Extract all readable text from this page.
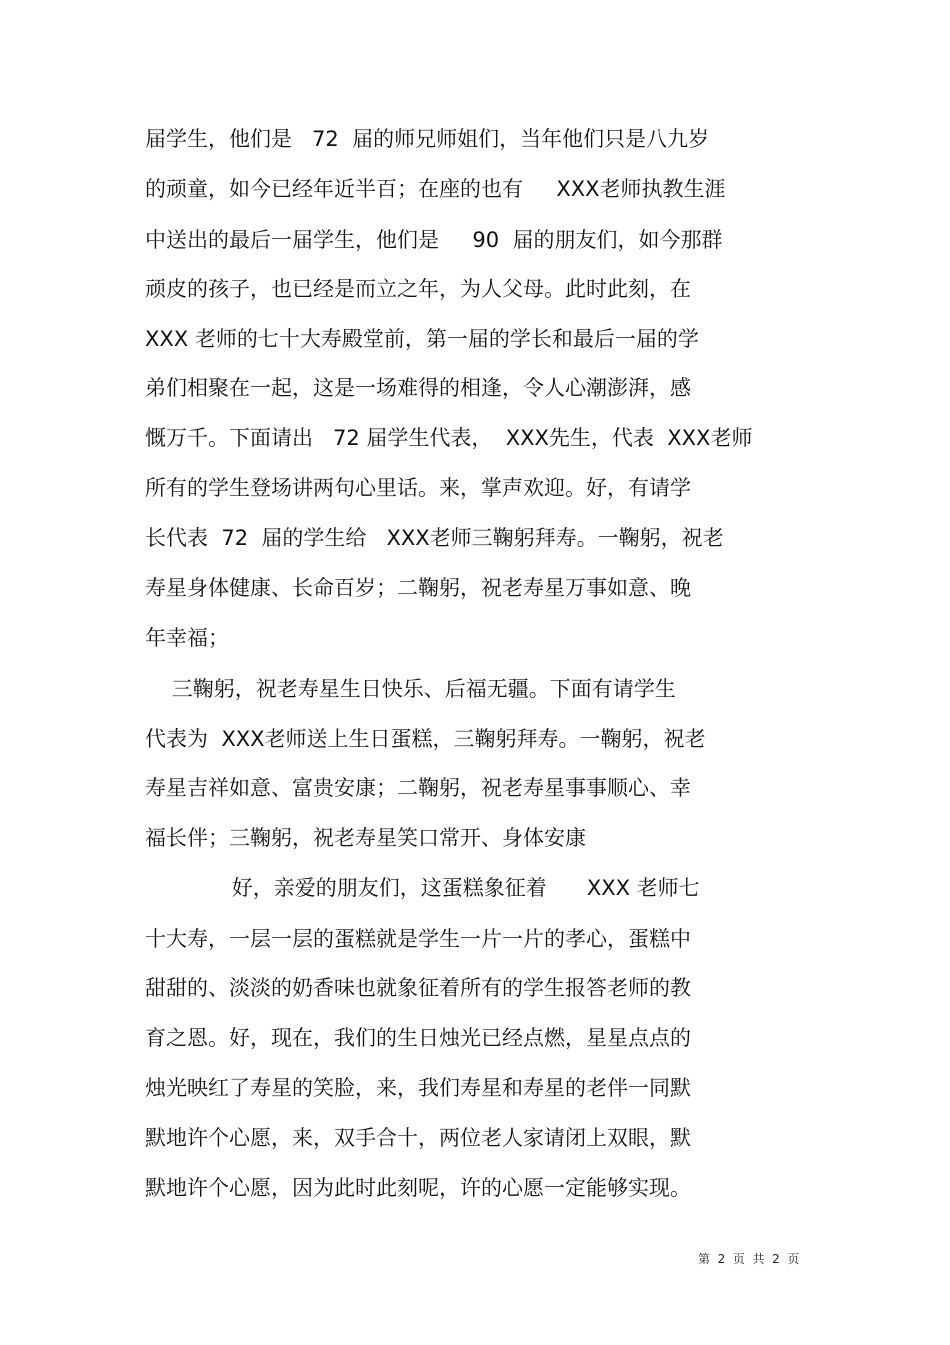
届学生，他们是   72  届的师兄师姐们，当年他们只是八九岁
的顽童，如今已经年近半百；在座的也有     XXX老师执教生涯
中送出的最后一届学生，他们是     90  届的朋友们，如今那群
顽皮的孩子，也已经是而立之年，为人父母。此时此刻，在
XXX 老师的七十大寿殿堂前，第一届的学长和最后一届的学
弟们相聚在一起，这是一场难得的相逢，令人心潮澎湃，感
慨万千。下面请出   72 届学生代表，  XXX先生，代表  XXX老师
所有的学生登场讲两句心里话。来，掌声欢迎。好，有请学
长代表  72  届的学生给   XXX老师三鞠躬拜寿。一鞠躬，祝老
寿星身体健康、长命百岁；二鞠躬，祝老寿星万事如意、晚
年幸福；
三鞠躬，祝老寿星生日快乐、后福无疆。下面有请学生
代表为  XXX老师送上生日蛋糕，三鞠躬拜寿。一鞠躬，祝老
寿星吉祥如意、富贵安康；二鞠躬，祝老寿星事事顺心、幸
福长伴；三鞠躬，祝老寿星笑口常开、身体安康
好，亲爱的朋友们，这蛋糕象征着      XXX 老师七
十大寿，一层一层的蛋糕就是学生一片一片的孝心，蛋糕中
甜甜的、淡淡的奶香味也就象征着所有的学生报答老师的教
育之恩。好，现在，我们的生日烛光已经点燃，星星点点的
烛光映红了寿星的笑脸，来，我们寿星和寿星的老伴一同默
默地许个心愿，来，双手合十，两位老人家请闭上双眼，默
默地许个心愿，因为此时此刻呢，许的心愿一定能够实现。
第  2  页  共  2  页
